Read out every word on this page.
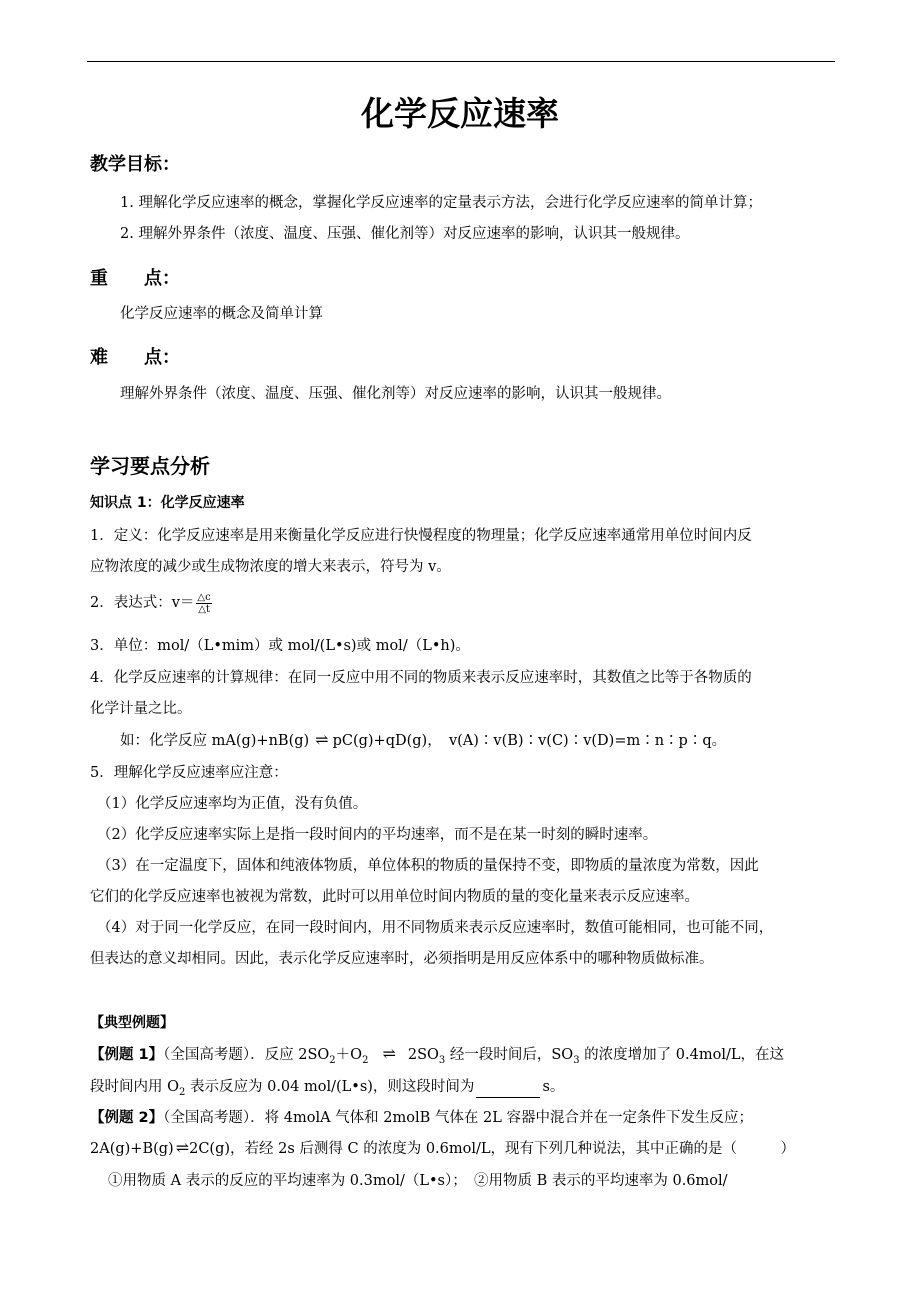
化学反应速率
教学目标：
1. 理解化学反应速率的概念，掌握化学反应速率的定量表示方法，会进行化学反应速率的简单计算；
2. 理解外界条件（浓度、温度、压强、催化剂等）对反应速率的影响，认识其一般规律。
重　　点：
化学反应速率的概念及简单计算
难　　点：
理解外界条件（浓度、温度、压强、催化剂等）对反应速率的影响，认识其一般规律。
学习要点分析
知识点 1：化学反应速率
1．定义：化学反应速率是用来衡量化学反应进行快慢程度的物理量；化学反应速率通常用单位时间内反
应物浓度的减少或生成物浓度的增大来表示，符号为 v。
2．表达式：$v= \frac{\triangle c}{\triangle t}$
3．单位：mol/（L•mim）或 mol/(L•s)或 mol/（L•h)。
4．化学反应速率的计算规律：在同一反应中用不同的物质来表示反应速率时，其数值之比等于各物质的
化学计量之比。
如：化学反应 mA(g)+nB(g) ⇌ pC(g)+qD(g)，　v(A)∶v(B)∶v(C)∶v(D)=m∶n∶p∶q。
5．理解化学反应速率应注意：
（1）化学反应速率均为正值，没有负值。
（2）化学反应速率实际上是指一段时间内的平均速率，而不是在某一时刻的瞬时速率。
（3）在一定温度下，固体和纯液体物质，单位体积的物质的量保持不变，即物质的量浓度为常数，因此
它们的化学反应速率也被视为常数，此时可以用单位时间内物质的量的变化量来表示反应速率。
（4）对于同一化学反应，在同一段时间内，用不同物质来表示反应速率时，数值可能相同，也可能不同，
但表达的意义却相同。因此，表示化学反应速率时，必须指明是用反应体系中的哪种物质做标准。
【典型例题】
【例题 1】（全国高考题）．反应 $2SO_2+O_2$ ⇌ $2SO_3$ 经一段时间后，$SO_3$ 的浓度增加了 0.4mol/L，在这
段时间内用 $O_2$ 表示反应为 0.04 mol/(L•s)，则这段时间为	s。
【例题 2】（全国高考题）．将 4molA 气体和 2molB 气体在 2L 容器中混合并在一定条件下发生反应；
2A(g)+B(g) ⇌ 2C(g)，若经 2s 后测得 C 的浓度为 0.6mol/L，现有下列几种说法，其中正确的是（　　　）
①用物质 A 表示的反应的平均速率为 0.3mol/（L•s）；　②用物质 B 表示的平均速率为 0.6mol/
